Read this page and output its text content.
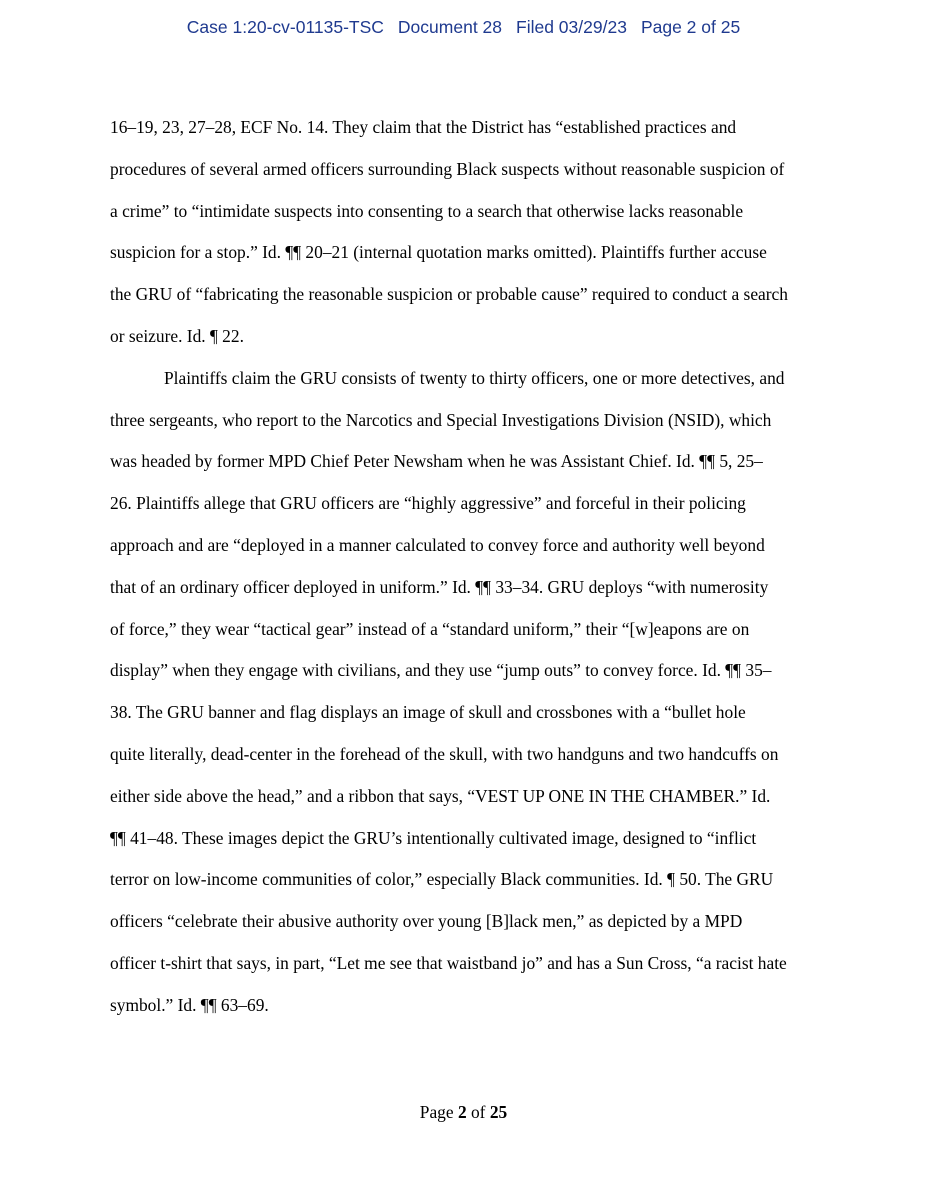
Case 1:20-cv-01135-TSC Document 28 Filed 03/29/23 Page 2 of 25
16–19, 23, 27–28, ECF No. 14. They claim that the District has “established practices and
procedures of several armed officers surrounding Black suspects without reasonable suspicion of
a crime” to “intimidate suspects into consenting to a search that otherwise lacks reasonable
suspicion for a stop.” Id. ¶¶ 20–21 (internal quotation marks omitted). Plaintiffs further accuse
the GRU of “fabricating the reasonable suspicion or probable cause” required to conduct a search
or seizure. Id. ¶ 22.
Plaintiffs claim the GRU consists of twenty to thirty officers, one or more detectives, and
three sergeants, who report to the Narcotics and Special Investigations Division (NSID), which
was headed by former MPD Chief Peter Newsham when he was Assistant Chief. Id. ¶¶ 5, 25–
26. Plaintiffs allege that GRU officers are “highly aggressive” and forceful in their policing
approach and are “deployed in a manner calculated to convey force and authority well beyond
that of an ordinary officer deployed in uniform.” Id. ¶¶ 33–34. GRU deploys “with numerosity
of force,” they wear “tactical gear” instead of a “standard uniform,” their “[w]eapons are on
display” when they engage with civilians, and they use “jump outs” to convey force. Id. ¶¶ 35–
38. The GRU banner and flag displays an image of skull and crossbones with a “bullet hole
quite literally, dead-center in the forehead of the skull, with two handguns and two handcuffs on
either side above the head,” and a ribbon that says, “VEST UP ONE IN THE CHAMBER.” Id.
¶¶ 41–48. These images depict the GRU’s intentionally cultivated image, designed to “inflict
terror on low-income communities of color,” especially Black communities. Id. ¶ 50. The GRU
officers “celebrate their abusive authority over young [B]lack men,” as depicted by a MPD
officer t-shirt that says, in part, “Let me see that waistband jo” and has a Sun Cross, “a racist hate
symbol.” Id. ¶¶ 63–69.
Page 2 of 25
